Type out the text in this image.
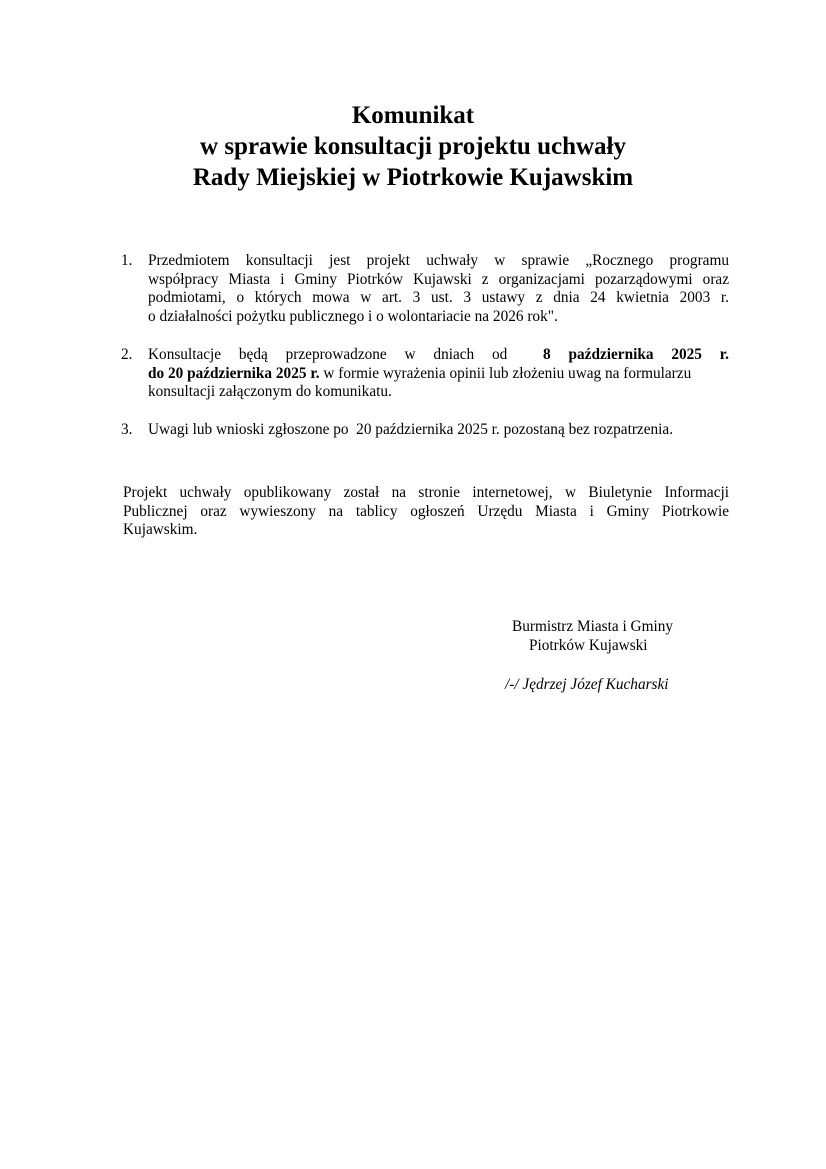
Komunikat
w sprawie konsultacji projektu uchwały
Rady Miejskiej w Piotrkowie Kujawskim
1. Przedmiotem konsultacji jest projekt uchwały w sprawie „Rocznego programu
współpracy Miasta i Gminy Piotrków Kujawski z organizacjami pozarządowymi oraz
podmiotami, o których mowa w art. 3 ust. 3 ustawy z dnia 24 kwietnia 2003 r.
o działalności pożytku publicznego i o wolontariacie na 2026 rok".
2. Konsultacje będą przeprowadzone w dniach od 8 października 2025 r.
do 20 października 2025 r. w formie wyrażenia opinii lub złożeniu uwag na formularzu
konsultacji załączonym do komunikatu.
3. Uwagi lub wnioski zgłoszone po  20 października 2025 r. pozostaną bez rozpatrzenia.
Projekt uchwały opublikowany został na stronie internetowej, w Biuletynie Informacji
Publicznej oraz wywieszony na tablicy ogłoszeń Urzędu Miasta i Gminy Piotrkowie
Kujawskim.
Burmistrz Miasta i Gminy
Piotrków Kujawski
/-/ Jędrzej Józef Kucharski
